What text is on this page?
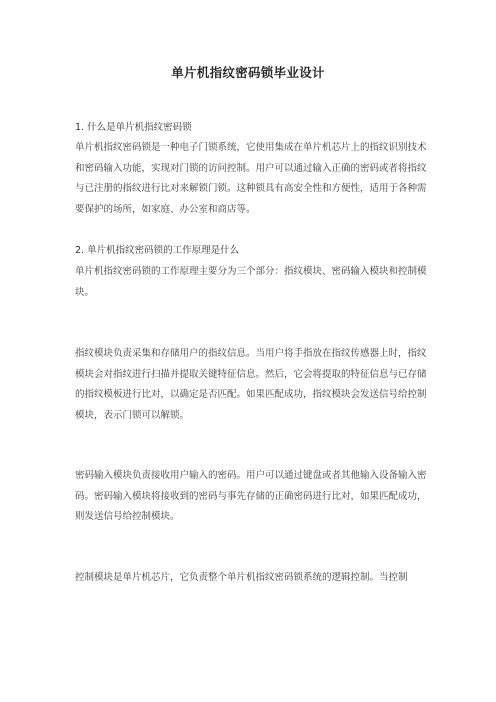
单片机指纹密码锁毕业设计
1. 什么是单片机指纹密码锁
单片机指纹密码锁是一种电子门锁系统，它使用集成在单片机芯片上的指纹识别技术和密码输入功能，实现对门锁的访问控制。用户可以通过输入正确的密码或者将指纹与已注册的指纹进行比对来解锁门锁。这种锁具有高安全性和方便性，适用于各种需要保护的场所，如家庭、办公室和商店等。
2. 单片机指纹密码锁的工作原理是什么
单片机指纹密码锁的工作原理主要分为三个部分：指纹模块、密码输入模块和控制模块。
指纹模块负责采集和存储用户的指纹信息。当用户将手指放在指纹传感器上时，指纹模块会对指纹进行扫描并提取关键特征信息。然后，它会将提取的特征信息与已存储的指纹模板进行比对，以确定是否匹配。如果匹配成功，指纹模块会发送信号给控制模块，表示门锁可以解锁。
密码输入模块负责接收用户输入的密码。用户可以通过键盘或者其他输入设备输入密码。密码输入模块将接收到的密码与事先存储的正确密码进行比对，如果匹配成功，则发送信号给控制模块。
控制模块是单片机芯片，它负责整个单片机指纹密码锁系统的逻辑控制。当控制
